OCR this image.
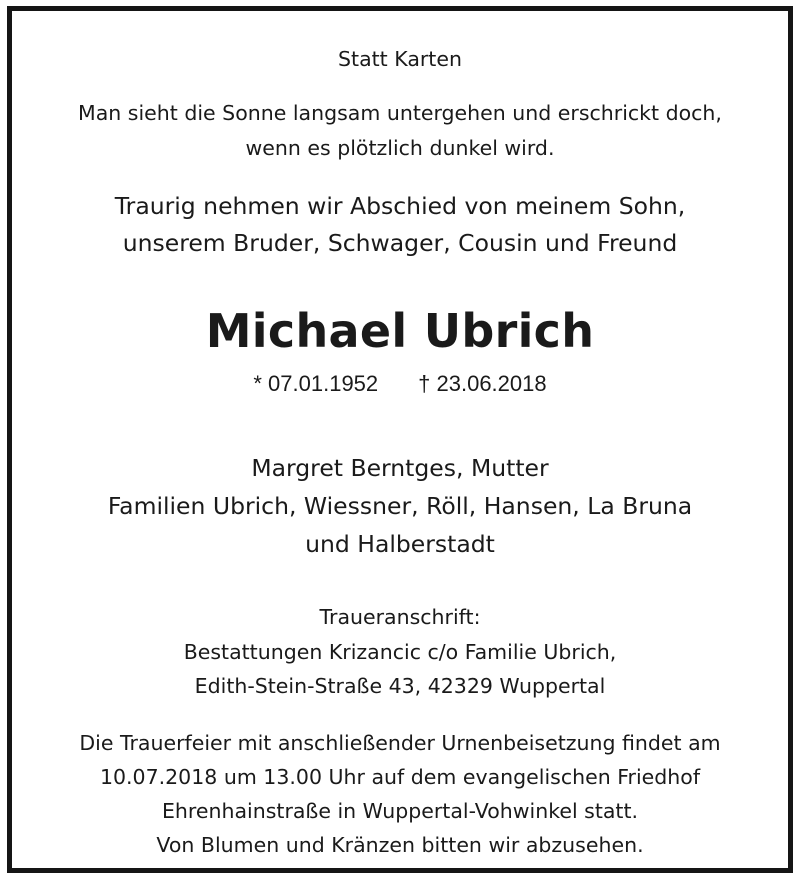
Statt Karten

Man sieht die Sonne langsam untergehen und erschrickt doch,

wenn es plötzlich dunkel wird.

Traurig nehmen wir Abschied von meinem Sohn,

unserem Bruder, Schwager, Cousin und Freund

Michael Ubrich

* 07.01.1952 † 23.06.2018

Margret Berntges, Mutter

Familien Ubrich, Wiessner, Röll, Hansen, La Bruna

und Halberstadt

Traueranschrift:

Bestattungen Krizancic c/o Familie Ubrich,

Edith-Stein-Straße 43, 42329 Wuppertal

Die Trauerfeier mit anschließender Urnenbeisetzung findet am

10.07.2018 um 13.00 Uhr auf dem evangelischen Friedhof

Ehrenhainstraße in Wuppertal-Vohwinkel statt.

Von Blumen und Kränzen bitten wir abzusehen.
